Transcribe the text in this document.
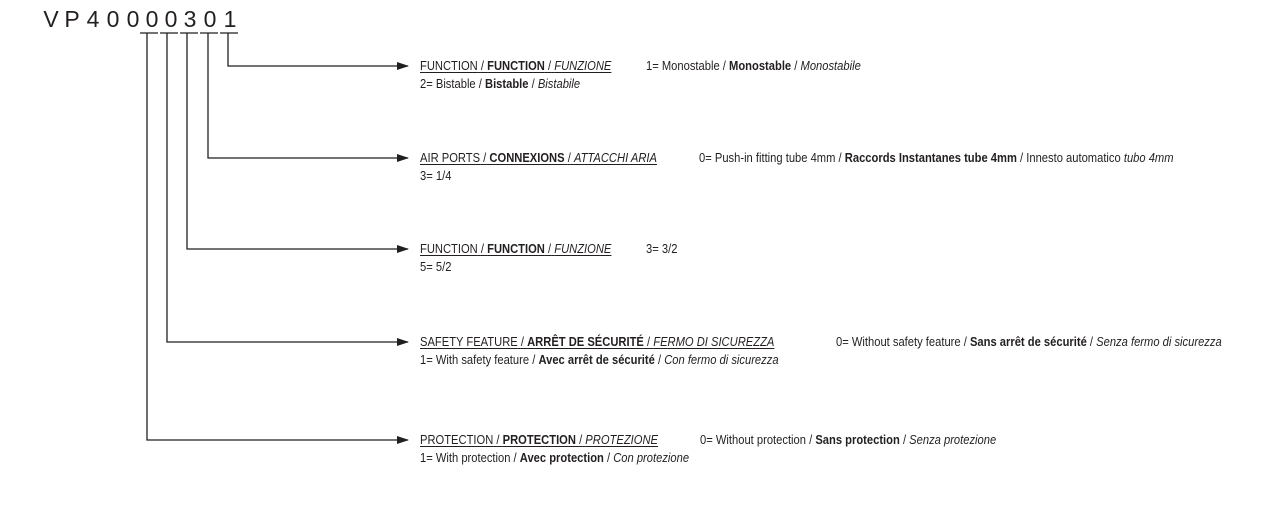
V P 4 0 0 0 0 3 0 1
FUNCTION / FUNCTION / FUNZIONE	1= Monostable / Monostable / Monostabile
2= Bistable / Bistable / Bistabile
AIR PORTS / CONNEXIONS / ATTACCHI ARIA	0= Push-in fitting tube 4mm / Raccords Instantanes tube 4mm / Innesto automatico tubo 4mm
3= 1/4
FUNCTION / FUNCTION / FUNZIONE	3= 3/2
5= 5/2
SAFETY FEATURE / ARRÊT DE SÉCURITÉ / FERMO DI SICUREZZA	0= Without safety feature / Sans arrêt de sécurité / Senza fermo di sicurezza
1= With safety feature / Avec arrêt de sécurité / Con fermo di sicurezza
PROTECTION / PROTECTION / PROTEZIONE	0= Without protection / Sans protection / Senza protezione
1= With protection / Avec protection / Con protezione
